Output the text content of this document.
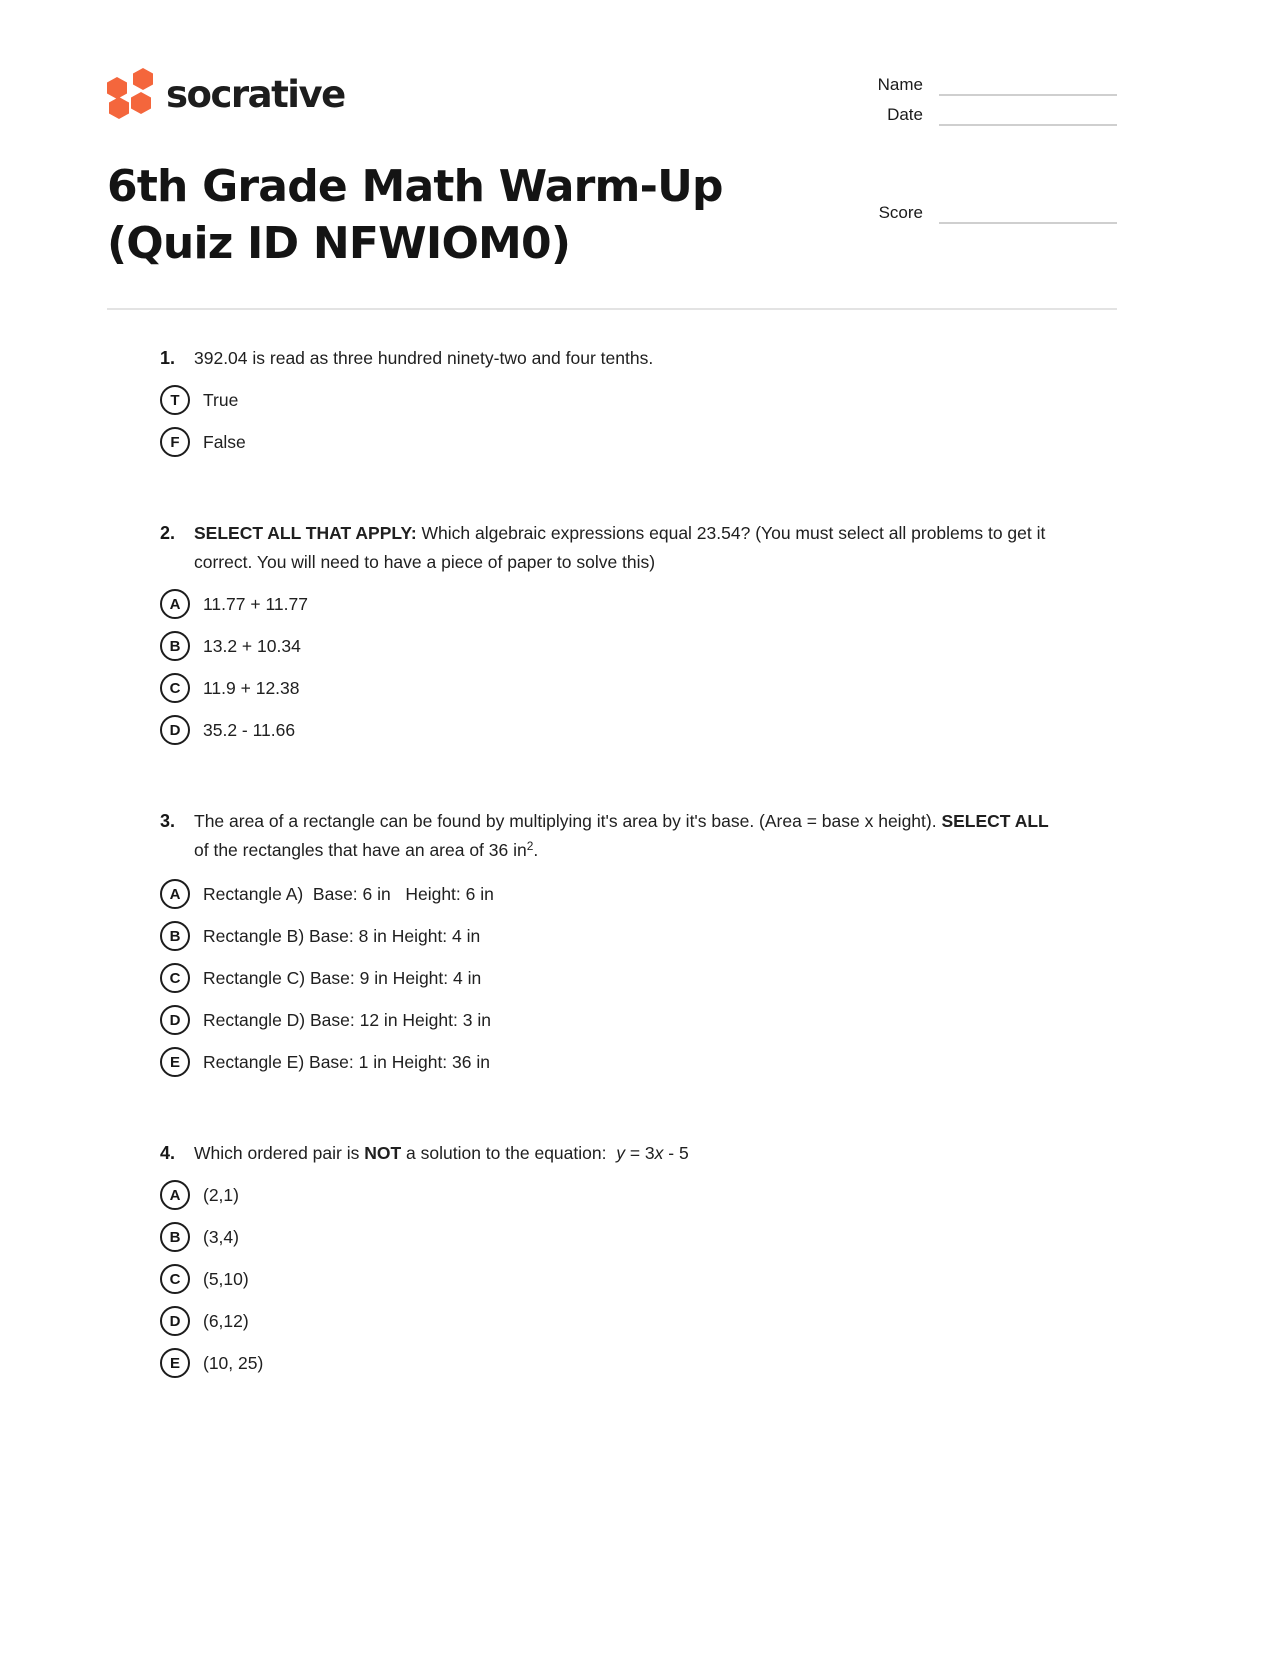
socrative	Name
Date
6th Grade Math Warm-Up (Quiz ID NFWIOM0)
Score
1.	392.04 is read as three hundred ninety-two and four tenths.
T	True
F	False
2.	SELECT ALL THAT APPLY: Which algebraic expressions equal 23.54? (You must select all problems to get it correct. You will need to have a piece of paper to solve this)
A	11.77 + 11.77
B	13.2 + 10.34
C	11.9 + 12.38
D	35.2 - 11.66
3.	The area of a rectangle can be found by multiplying it's area by it's base. (Area = base x height). SELECT ALL of the rectangles that have an area of 36 $in^2$.
A	Rectangle A)  Base: 6 in   Height: 6 in
B	Rectangle B) Base: 8 in Height: 4 in
C	Rectangle C) Base: 9 in Height: 4 in
D	Rectangle D) Base: 12 in Height: 3 in
E	Rectangle E) Base: 1 in Height: 36 in
4.	Which ordered pair is NOT a solution to the equation:  y = 3x - 5
A	(2,1)
B	(3,4)
C	(5,10)
D	(6,12)
E	(10, 25)
